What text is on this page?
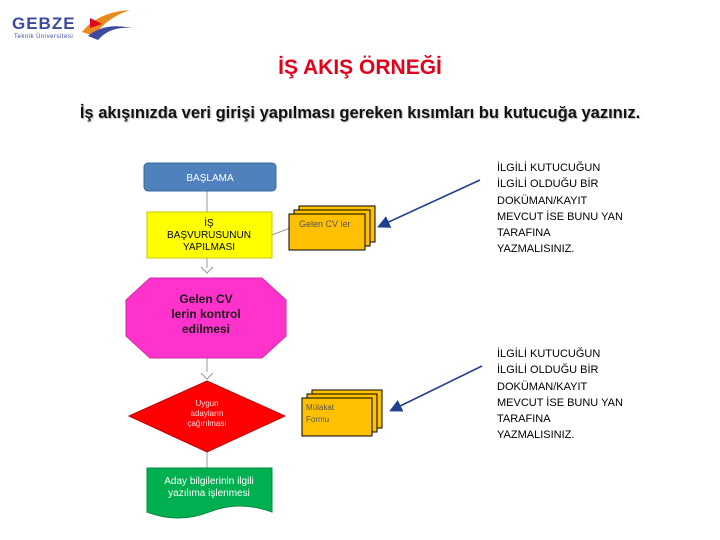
GEBZE
Teknik Üniversitesi
İŞ AKIŞ ÖRNEĞİ
İş akışınızda veri girişi yapılması gereken kısımları bu kutucuğa yazınız.
BAŞLAMA
İŞ
BAŞVURUSUNUN
YAPILMASI
Gelen CV
lerin kontrol
edilmesi
Uygun
adayların
çağırılması
Aday bilgilerinin ilgili
yazılıma işlenmesi
Gelen CV ler
Mülakat
Formu
İLGİLİ KUTUCUĞUN
İLGİLİ OLDUĞU BİR
DOKÜMAN/KAYIT
MEVCUT İSE BUNU YAN
TARAFINA
YAZMALISINIZ.
İLGİLİ KUTUCUĞUN
İLGİLİ OLDUĞU BİR
DOKÜMAN/KAYIT
MEVCUT İSE BUNU YAN
TARAFINA
YAZMALISINIZ.
